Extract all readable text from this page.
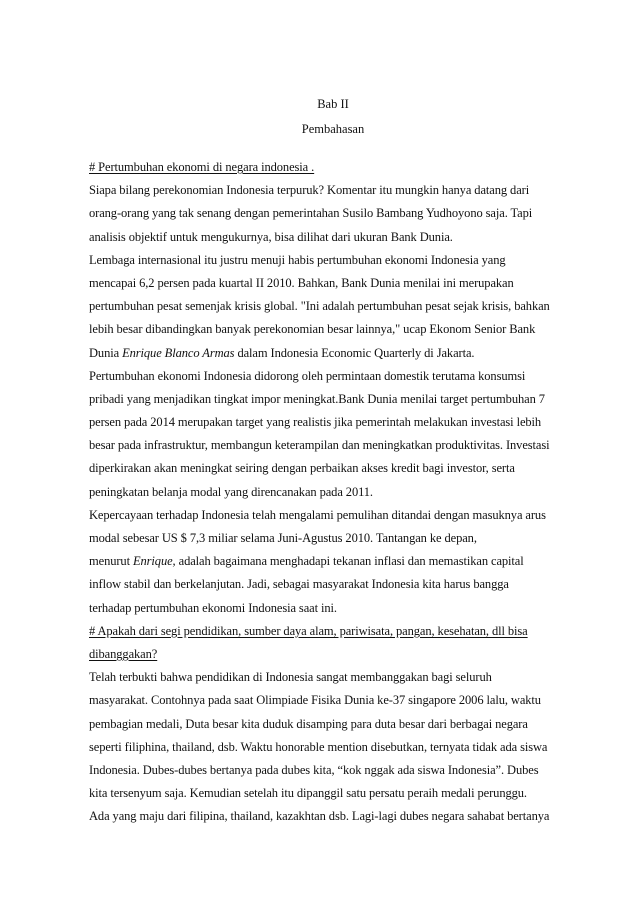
Bab II
Pembahasan
# Pertumbuhan ekonomi di negara indonesia .
Siapa bilang perekonomian Indonesia terpuruk? Komentar itu mungkin hanya datang dari
orang-orang yang tak senang dengan pemerintahan Susilo Bambang Yudhoyono saja. Tapi
analisis objektif untuk mengukurnya, bisa dilihat dari ukuran Bank Dunia.
Lembaga internasional itu justru menuji habis pertumbuhan ekonomi Indonesia yang
mencapai 6,2 persen pada kuartal II 2010. Bahkan, Bank Dunia menilai ini merupakan
pertumbuhan pesat semenjak krisis global. "Ini adalah pertumbuhan pesat sejak krisis, bahkan
lebih besar dibandingkan banyak perekonomian besar lainnya," ucap Ekonom Senior Bank
Dunia Enrique Blanco Armas dalam Indonesia Economic Quarterly di Jakarta.
Pertumbuhan ekonomi Indonesia didorong oleh permintaan domestik terutama konsumsi
pribadi yang menjadikan tingkat impor meningkat.Bank Dunia menilai target pertumbuhan 7
persen pada 2014 merupakan target yang realistis jika pemerintah melakukan investasi lebih
besar pada infrastruktur, membangun keterampilan dan meningkatkan produktivitas. Investasi
diperkirakan akan meningkat seiring dengan perbaikan akses kredit bagi investor, serta
peningkatan belanja modal yang direncanakan pada 2011.
Kepercayaan terhadap Indonesia telah mengalami pemulihan ditandai dengan masuknya arus
modal sebesar US $ 7,3 miliar selama Juni-Agustus 2010. Tantangan ke depan,
menurut Enrique, adalah bagaimana menghadapi tekanan inflasi dan memastikan capital
inflow stabil dan berkelanjutan. Jadi, sebagai masyarakat Indonesia kita harus bangga
terhadap pertumbuhan ekonomi Indonesia saat ini.
# Apakah dari segi pendidikan, sumber daya alam, pariwisata, pangan, kesehatan, dll bisa
dibanggakan?
Telah terbukti bahwa pendidikan di Indonesia sangat membanggakan bagi seluruh
masyarakat. Contohnya pada saat Olimpiade Fisika Dunia ke-37 singapore 2006 lalu, waktu
pembagian medali, Duta besar kita duduk disamping para duta besar dari berbagai negara
seperti filiphina, thailand, dsb. Waktu honorable mention disebutkan, ternyata tidak ada siswa
Indonesia. Dubes-dubes bertanya pada dubes kita, “kok nggak ada siswa Indonesia”. Dubes
kita tersenyum saja. Kemudian setelah itu dipanggil satu persatu peraih medali perunggu.
Ada yang maju dari filipina, thailand, kazakhtan dsb. Lagi-lagi dubes negara sahabat bertanya
